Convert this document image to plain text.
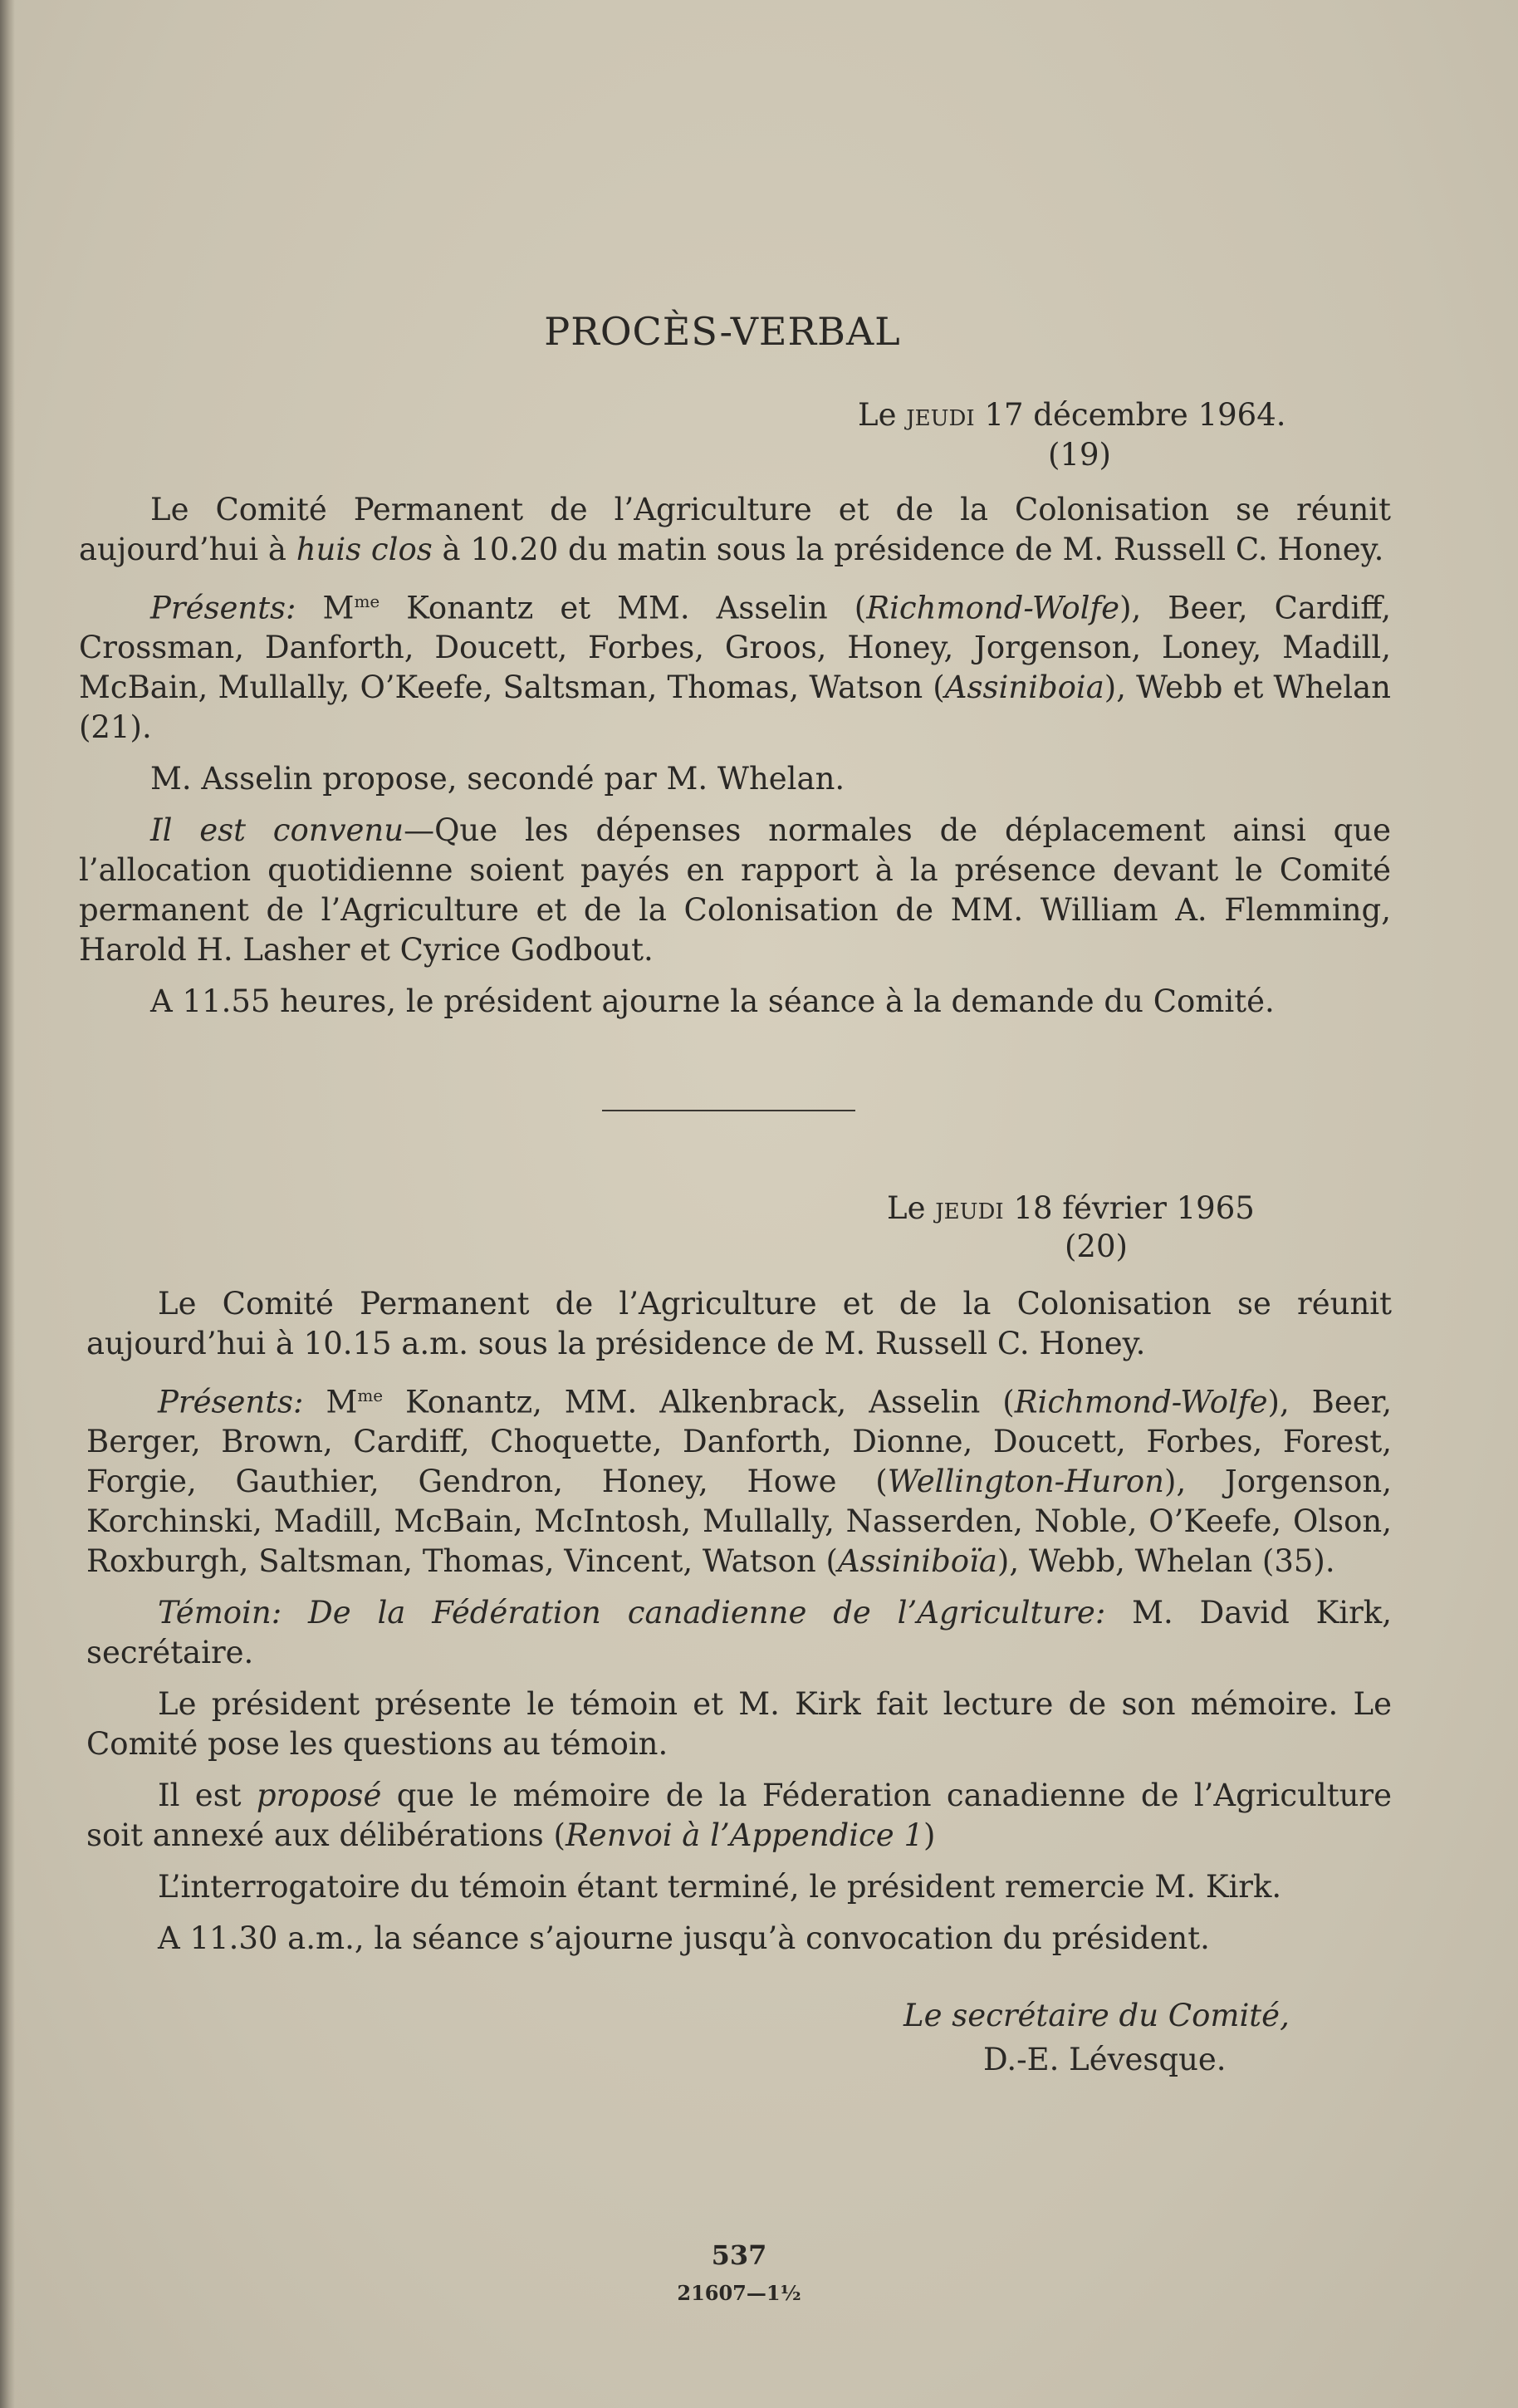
PROCÈS-VERBAL
Le jeudi 17 décembre 1964.
(19)

Le Comité Permanent de l’Agriculture et de la Colonisation se réunit aujourd’hui à huis clos à 10.20 du matin sous la présidence de M. Russell C. Honey.

Présents: $M^{me}$ Konantz et MM. Asselin (Richmond-Wolfe), Beer, Cardiff, Crossman, Danforth, Doucett, Forbes, Groos, Honey, Jorgenson, Loney, Madill, McBain, Mullally, O’Keefe, Saltsman, Thomas, Watson (Assiniboia), Webb et Whelan (21).

M. Asselin propose, secondé par M. Whelan.

Il est convenu—Que les dépenses normales de déplacement ainsi que l’allocation quotidienne soient payés en rapport à la présence devant le Comité permanent de l’Agriculture et de la Colonisation de MM. William A. Flemming, Harold H. Lasher et Cyrice Godbout.

A 11.55 heures, le président ajourne la séance à la demande du Comité.

Le jeudi 18 février 1965
(20)

Le Comité Permanent de l’Agriculture et de la Colonisation se réunit aujourd’hui à 10.15 a.m. sous la présidence de M. Russell C. Honey.

Présents: $M^{me}$ Konantz, MM. Alkenbrack, Asselin (Richmond-Wolfe), Beer, Berger, Brown, Cardiff, Choquette, Danforth, Dionne, Doucett, Forbes, Forest, Forgie, Gauthier, Gendron, Honey, Howe (Wellington-Huron), Jorgenson, Korchinski, Madill, McBain, McIntosh, Mullally, Nasserden, Noble, O’Keefe, Olson, Roxburgh, Saltsman, Thomas, Vincent, Watson (Assiniboïa), Webb, Whelan (35).

Témoin: De la Fédération canadienne de l’Agriculture: M. David Kirk, secrétaire.

Le président présente le témoin et M. Kirk fait lecture de son mémoire. Le Comité pose les questions au témoin.

Il est proposé que le mémoire de la Féderation canadienne de l’Agriculture soit annexé aux délibérations (Renvoi à l’Appendice 1)

L’interrogatoire du témoin étant terminé, le président remercie M. Kirk.

A 11.30 a.m., la séance s’ajourne jusqu’à convocation du président.

Le secrétaire du Comité,
D.-E. Lévesque.
537
21607—1½
